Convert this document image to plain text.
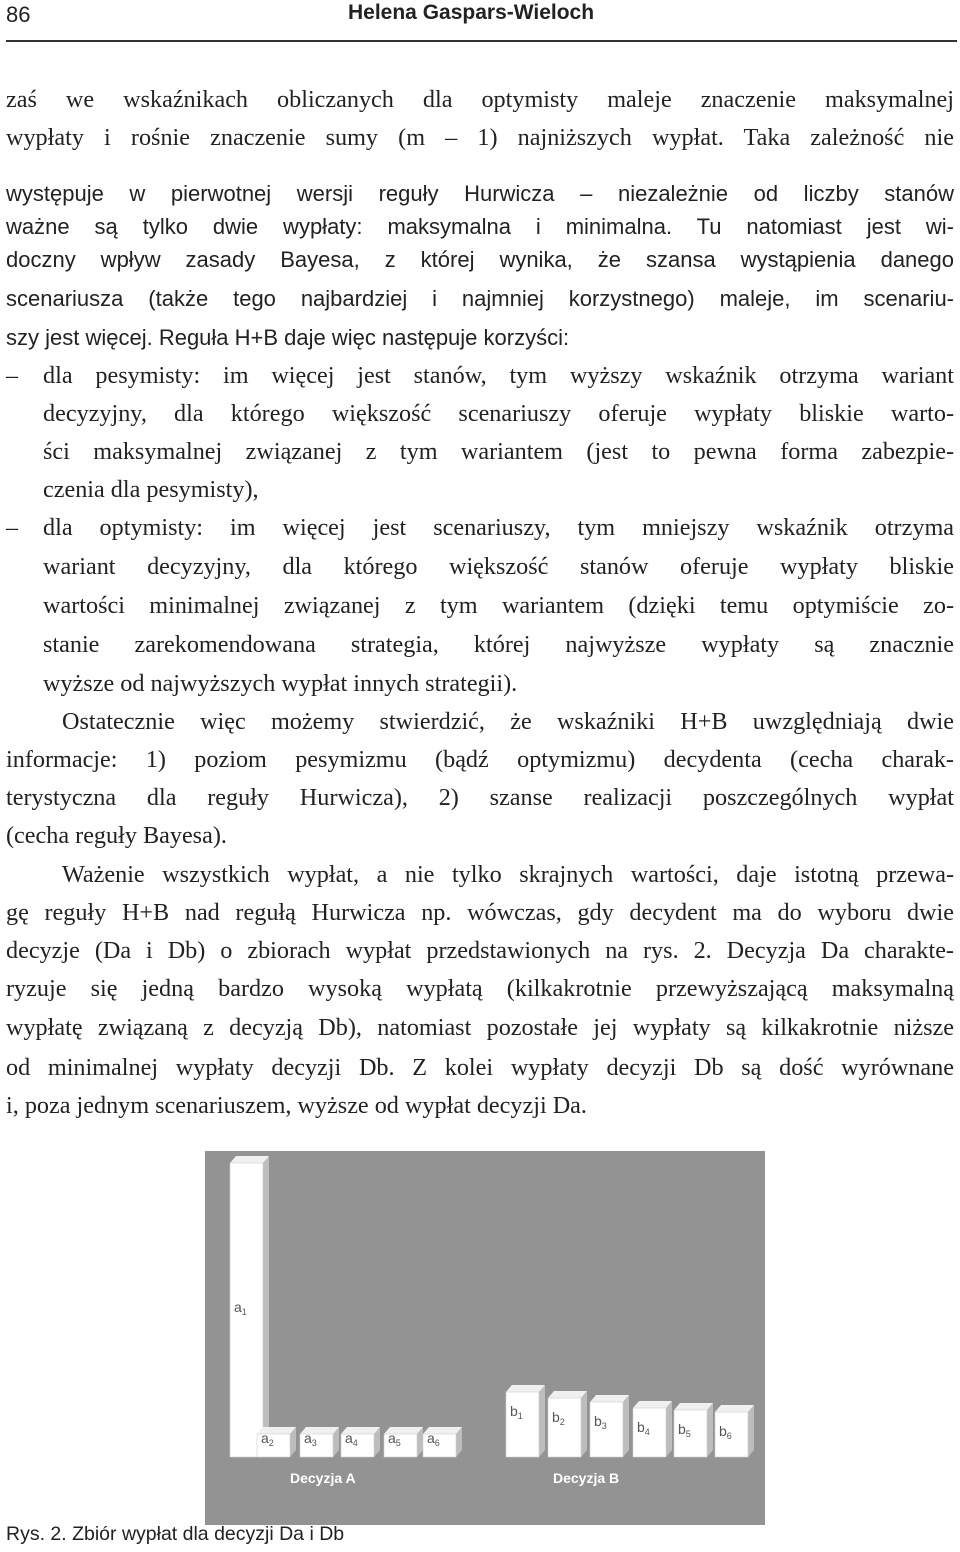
86	Helena Gaspars-Wieloch
zaś we wskaźnikach obliczanych dla optymisty maleje znaczenie maksymalnej
wypłaty i rośnie znaczenie sumy (m – 1) najniższych wypłat. Taka zależność nie
występuje w pierwotnej wersji reguły Hurwicza – niezależnie od liczby stanów
ważne są tylko dwie wypłaty: maksymalna i minimalna. Tu natomiast jest wi-
doczny wpływ zasady Bayesa, z której wynika, że szansa wystąpienia danego
scenariusza (także tego najbardziej i najmniej korzystnego) maleje, im scenariu-
szy jest więcej. Reguła H+B daje więc następuje korzyści:
–	dla pesymisty: im więcej jest stanów, tym wyższy wskaźnik otrzyma wariant
decyzyjny, dla którego większość scenariuszy oferuje wypłaty bliskie warto-
ści maksymalnej związanej z tym wariantem (jest to pewna forma zabezpie-
czenia dla pesymisty),
–	dla optymisty: im więcej jest scenariuszy, tym mniejszy wskaźnik otrzyma
wariant decyzyjny, dla którego większość stanów oferuje wypłaty bliskie
wartości minimalnej związanej z tym wariantem (dzięki temu optymiście zo-
stanie zarekomendowana strategia, której najwyższe wypłaty są znacznie
wyższe od najwyższych wypłat innych strategii).
Ostatecznie więc możemy stwierdzić, że wskaźniki H+B uwzględniają dwie
informacje: 1) poziom pesymizmu (bądź optymizmu) decydenta (cecha charak-
terystyczna dla reguły Hurwicza), 2) szanse realizacji poszczególnych wypłat
(cecha reguły Bayesa).
Ważenie wszystkich wypłat, a nie tylko skrajnych wartości, daje istotną przewa-
gę reguły H+B nad regułą Hurwicza np. wówczas, gdy decydent ma do wyboru dwie
decyzje (Da i Db) o zbiorach wypłat przedstawionych na rys. 2. Decyzja Da charakte-
ryzuje się jedną bardzo wysoką wypłatą (kilkakrotnie przewyższającą maksymalną
wypłatę związaną z decyzją Db), natomiast pozostałe jej wypłaty są kilkakrotnie niższe
od minimalnej wypłaty decyzji Db. Z kolei wypłaty decyzji Db są dość wyrównane
i, poza jednym scenariuszem, wyższe od wypłat decyzji Da.
$a_1$
$a_2$ $a_3$ $a_4$ $a_5$ $a_6$
$b_1$ $b_2$ $b_3$ $b_4$ $b_5$ $b_6$
Decyzja A	Decyzja B
Rys. 2. Zbiór wypłat dla decyzji Da i Db
